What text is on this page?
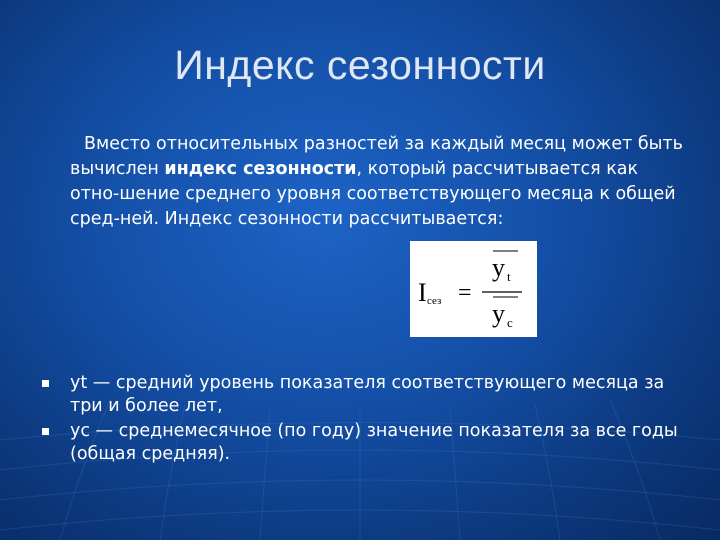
Индекс сезонности
Вместо относительных разностей за каждый месяц может быть вычислен индекс сезонности, который рассчитывается как отно-шение среднего уровня соответствующего месяца к общей сред-ней. Индекс сезонности рассчитывается:
y t
y c
I сез =
yt — средний уровень показателя соответствующего месяца за три и более лет,
yc — среднемесячное (по году) значение показателя за все годы (общая средняя).
